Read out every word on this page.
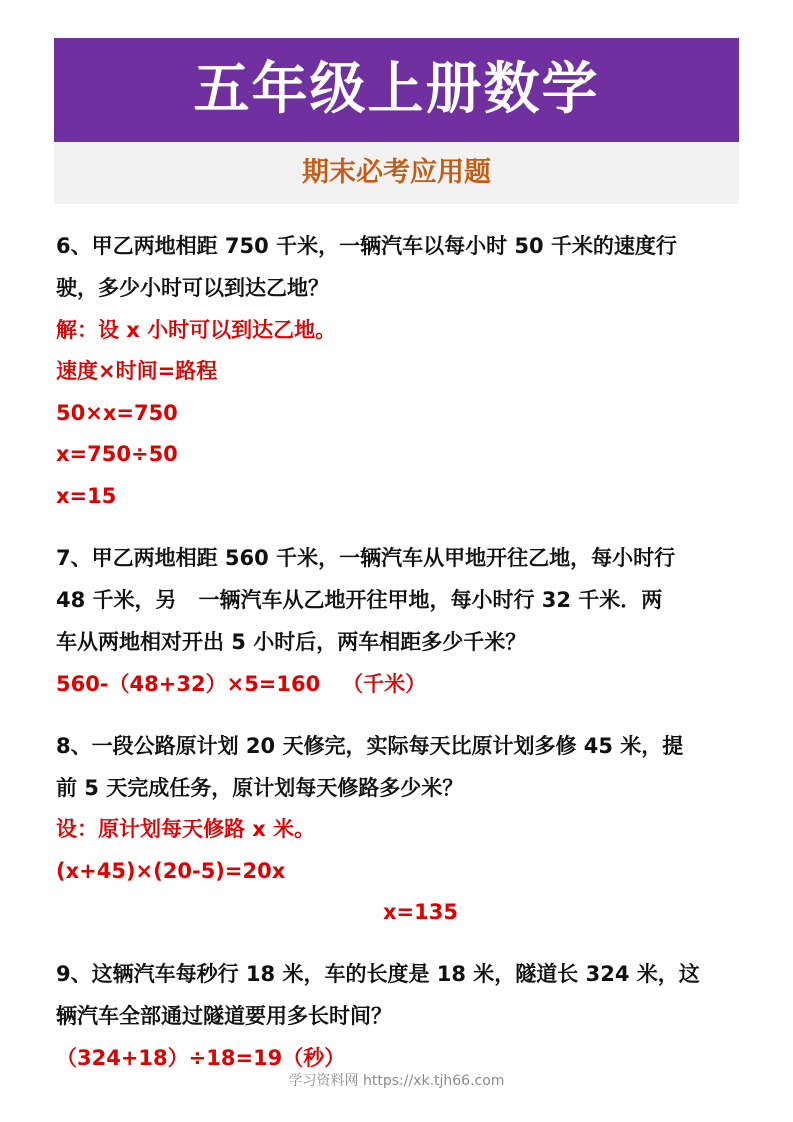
五年级上册数学
期末必考应用题
6、甲乙两地相距 750 千米，一辆汽车以每小时 50 千米的速度行
驶，多少小时可以到达乙地？
解：设 x 小时可以到达乙地。
速度×时间=路程
50×x=750
x=750÷50
x=15
7、甲乙两地相距 560 千米，一辆汽车从甲地开往乙地，每小时行
48 千米，另   一辆汽车从乙地开往甲地，每小时行 32 千米．两
车从两地相对开出 5 小时后，两车相距多少千米？
560-（48+32）×5=160   （千米）
8、一段公路原计划 20 天修完，实际每天比原计划多修 45 米，提
前 5 天完成任务，原计划每天修路多少米？
设：原计划每天修路 x 米。
(x+45)×(20-5)=20x
x=135
9、这辆汽车每秒行 18 米，车的长度是 18 米，隧道长 324 米，这
辆汽车全部通过隧道要用多长时间？
（324+18）÷18=19（秒）
学习资料网 https://xk.tjh66.com
